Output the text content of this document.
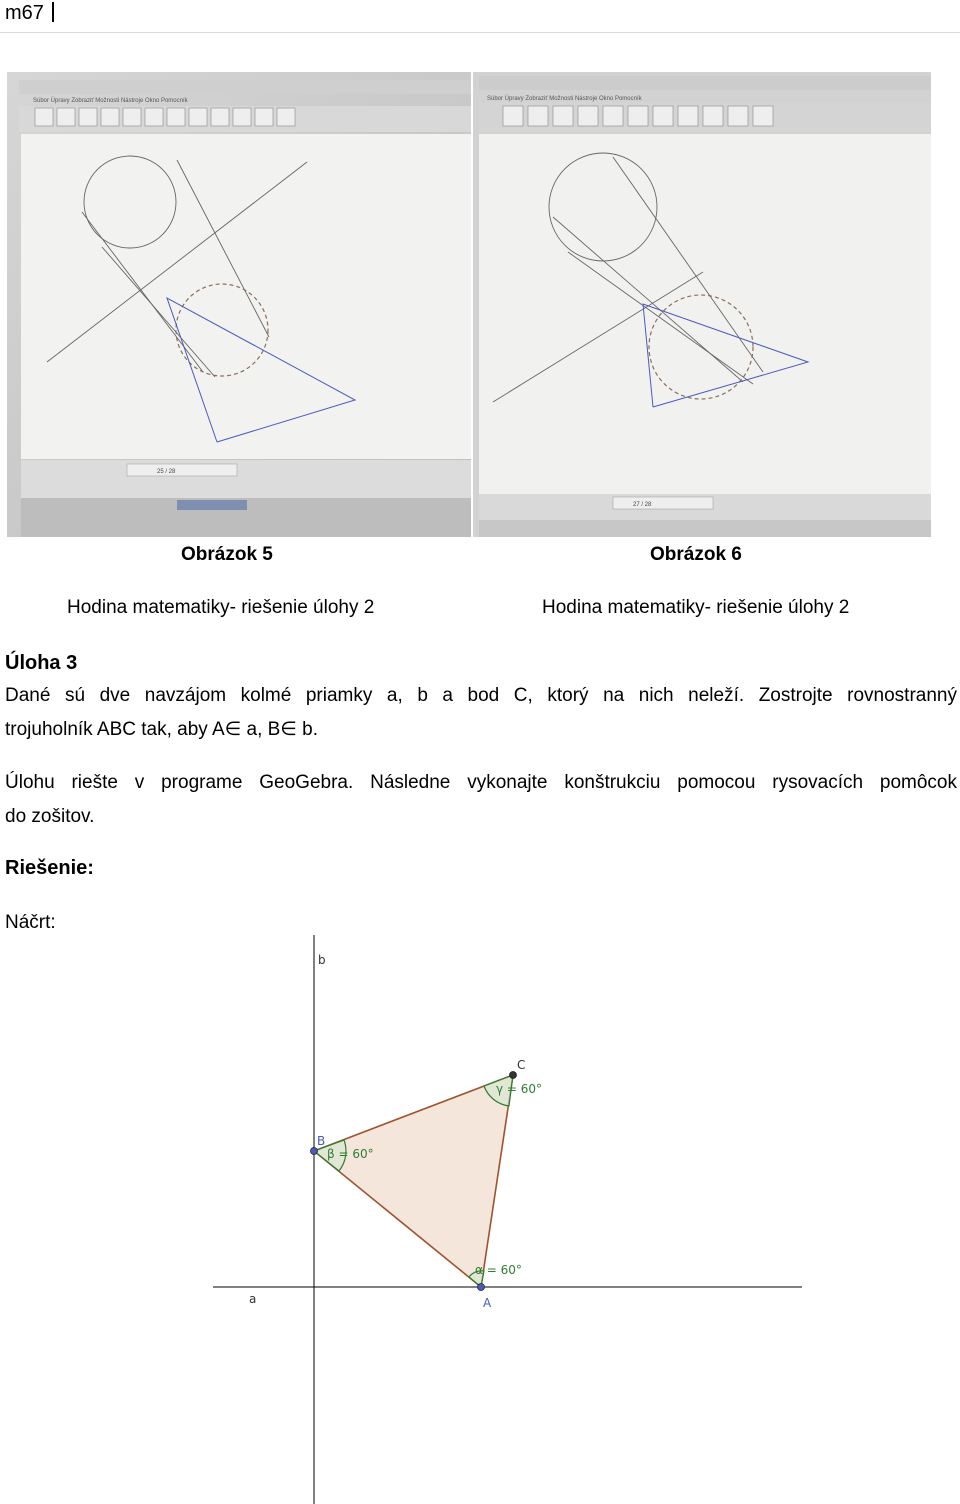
m67
Súbor Úpravy Zobraziť Možnosti Nástroje Okno Pomocník
25 / 28
Súbor Úpravy Zobraziť Možnosti Nástroje Okno Pomocník
27 / 28
Obrázok 5	Obrázok 6
Hodina matematiky- riešenie úlohy 2	Hodina matematiky- riešenie úlohy 2
Úloha 3
Dané sú dve navzájom kolmé priamky a, b a bod C, ktorý na nich neleží. Zostrojte rovnostranný
trojuholník ABC tak, aby A∈ a, B∈ b.
Úlohu riešte v programe GeoGebra. Následne vykonajte konštrukciu pomocou rysovacích pomôcok
do zošitov.
Riešenie:
Náčrt:
b
a	A
B
C
α = 60°
β = 60°
γ = 60°
